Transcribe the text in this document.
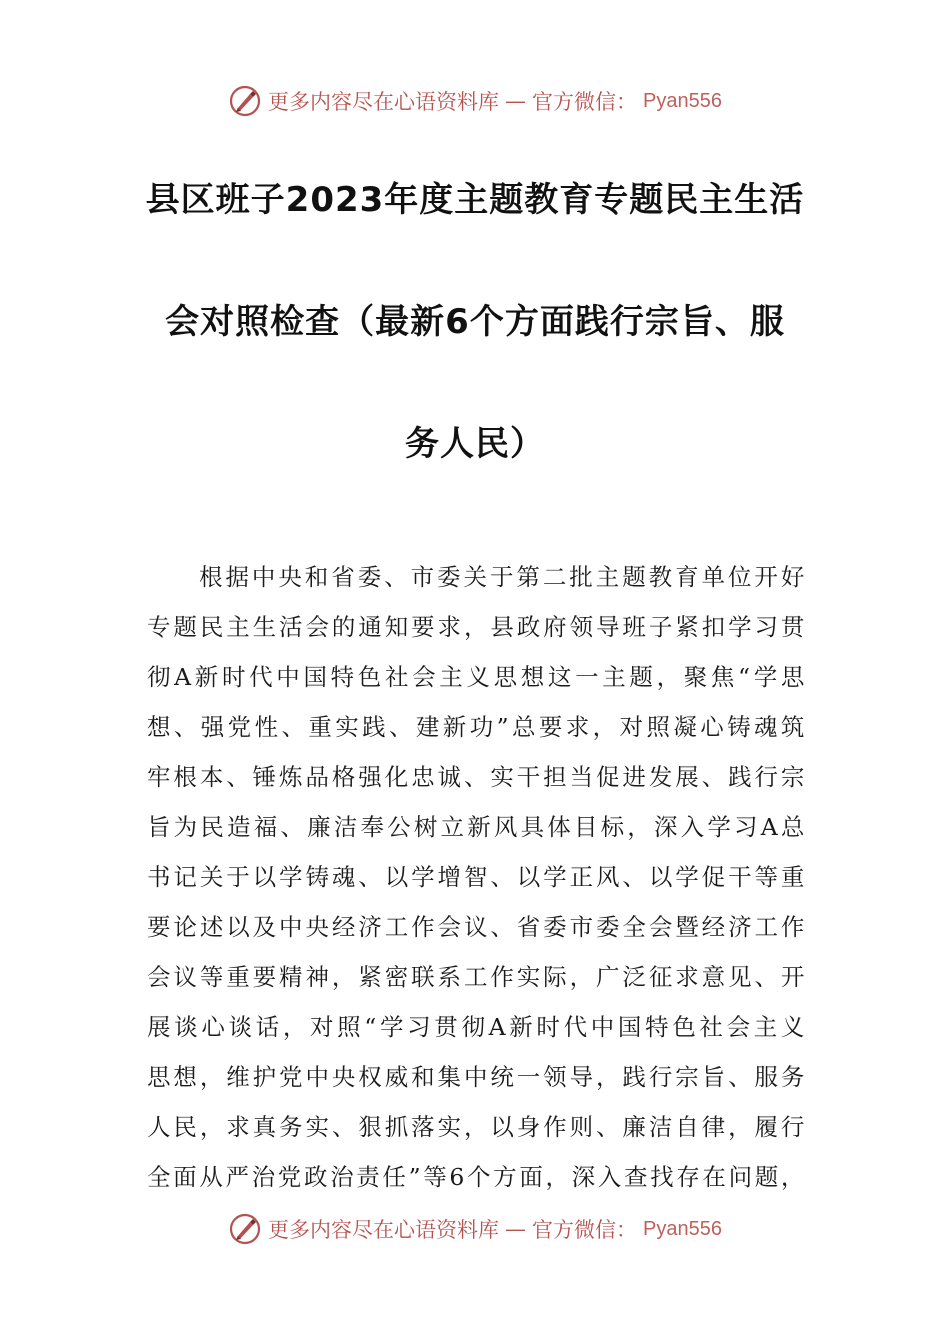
更多内容尽在心语资料库 — 官方微信： Pyan556
县区班子2023年度主题教育专题民主生活
会对照检查（最新6个方面践行宗旨、服
务人民）
根据中央和省委、市委关于第二批主题教育单位开好
专题民主生活会的通知要求，县政府领导班子紧扣学习贯
彻A新时代中国特色社会主义思想这一主题，聚焦“学思
想、强党性、重实践、建新功”总要求，对照凝心铸魂筑
牢根本、锤炼品格强化忠诚、实干担当促进发展、践行宗
旨为民造福、廉洁奉公树立新风具体目标，深入学习A总
书记关于以学铸魂、以学增智、以学正风、以学促干等重
要论述以及中央经济工作会议、省委市委全会暨经济工作
会议等重要精神，紧密联系工作实际，广泛征求意见、开
展谈心谈话，对照“学习贯彻A新时代中国特色社会主义
思想，维护党中央权威和集中统一领导，践行宗旨、服务
人民，求真务实、狠抓落实，以身作则、廉洁自律，履行
全面从严治党政治责任”等6个方面，深入查找存在问题，
更多内容尽在心语资料库 — 官方微信： Pyan556
